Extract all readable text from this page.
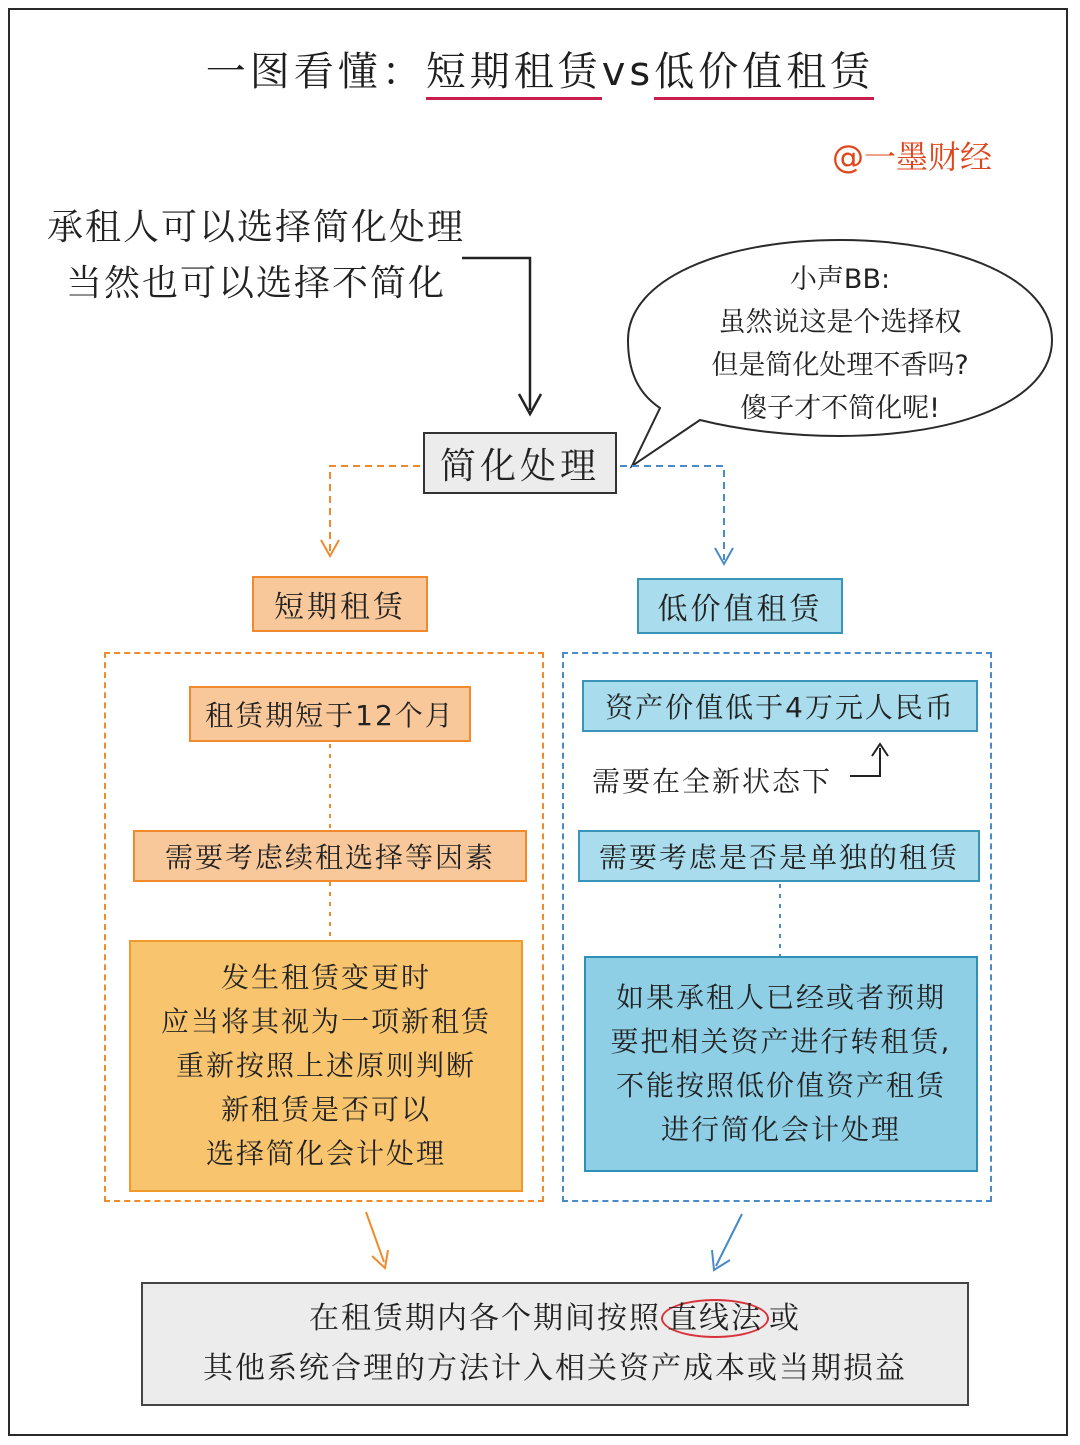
一图看懂：短期租赁vs低价值租赁
@一墨财经
承租人可以选择简化处理
当然也可以选择不简化	小声BB:
虽然说这是个选择权
但是简化处理不香吗?
傻子才不简化呢!
简化处理
短期租赁	低价值租赁
租赁期短于12个月
需要考虑续租选择等因素
发生租赁变更时
应当将其视为一项新租赁
重新按照上述原则判断
新租赁是否可以
选择简化会计处理
资产价值低于4万元人民币
需要在全新状态下
需要考虑是否是单独的租赁
如果承租人已经或者预期
要把相关资产进行转租赁,
不能按照低价值资产租赁
进行简化会计处理
在租赁期内各个期间按照 直线法 或
其他系统合理的方法计入相关资产成本或当期损益
